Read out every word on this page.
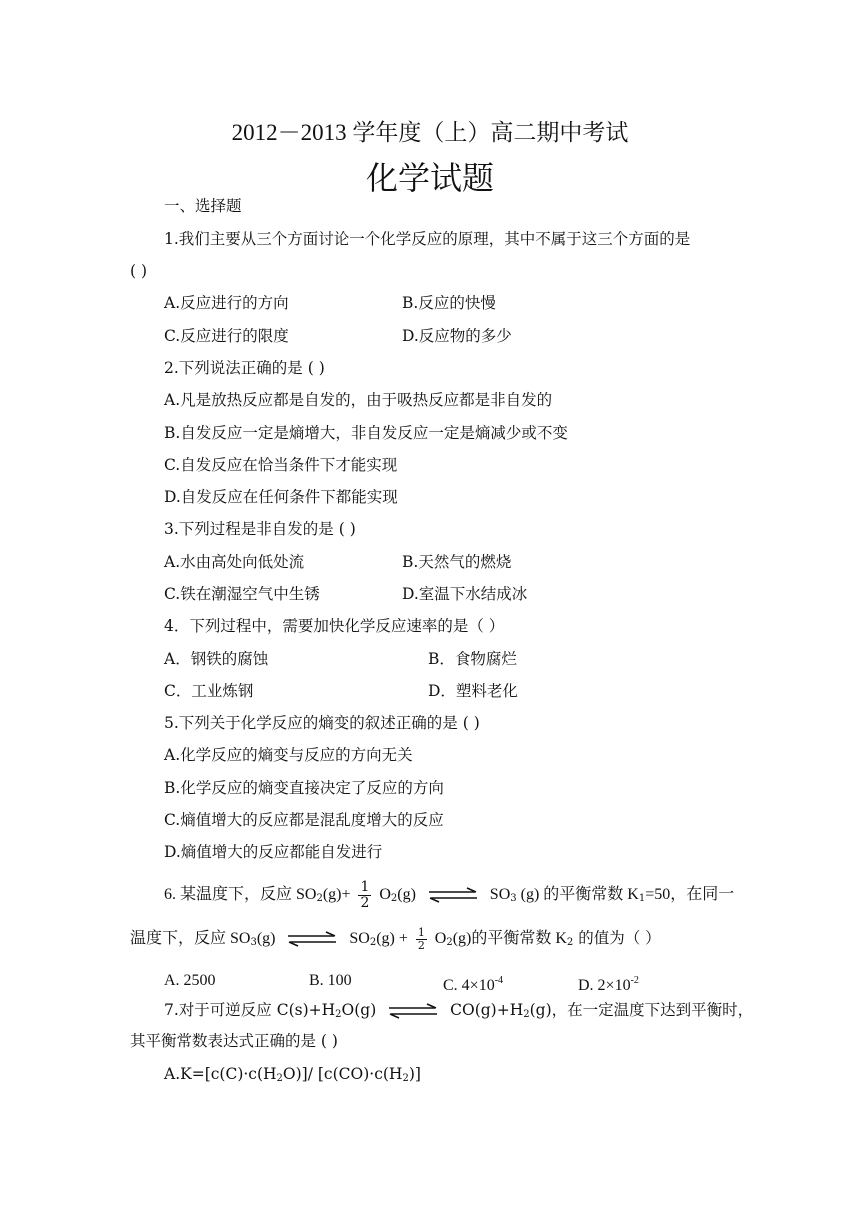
2012－2013 学年度（上）高二期中考试
化学试题
一、选择题
1.我们主要从三个方面讨论一个化学反应的原理，其中不属于这三个方面的是
( )
A.反应进行的方向	B.反应的快慢
C.反应进行的限度	D.反应物的多少
2.下列说法正确的是 ( )
A.凡是放热反应都是自发的，由于吸热反应都是非自发的
B.自发反应一定是熵增大，非自发反应一定是熵减少或不变
C.自发反应在恰当条件下才能实现
D.自发反应在任何条件下都能实现
3.下列过程是非自发的是 ( )
A.水由高处向低处流	B.天然气的燃烧
C.铁在潮湿空气中生锈	D.室温下水结成冰
4．下列过程中，需要加快化学反应速率的是（ ）
A．钢铁的腐蚀	B．食物腐烂
C．工业炼钢	D．塑料老化
5.下列关于化学反应的熵变的叙述正确的是 ( )
A.化学反应的熵变与反应的方向无关
B.化学反应的熵变直接决定了反应的方向
C.熵值增大的反应都是混乱度增大的反应
D.熵值增大的反应都能自发进行
6. 某温度下，反应 $SO_2(g)+ \frac{1}{2} O_2(g)$ ⇌ $SO_3$ (g) 的平衡常数 $K_1=50$，在同一
温度下，反应 $SO_3(g)$ ⇌ $SO_2(g) + \frac{1}{2} O_2(g)$的平衡常数 $K_2$ 的值为（ ）
A. 2500	B. 100	C. $4\times 10^{-4}$	D. $2\times 10^{-2}$
7.对于可逆反应 $C(s)+H_2O(g)$ ⇌ $CO(g)+H_2(g)$，在一定温度下达到平衡时，
其平衡常数表达式正确的是 ( )
$A.K=[c(C)\cdot c(H_2O)]/$ $[c(CO)\cdot c(H_2)]$
